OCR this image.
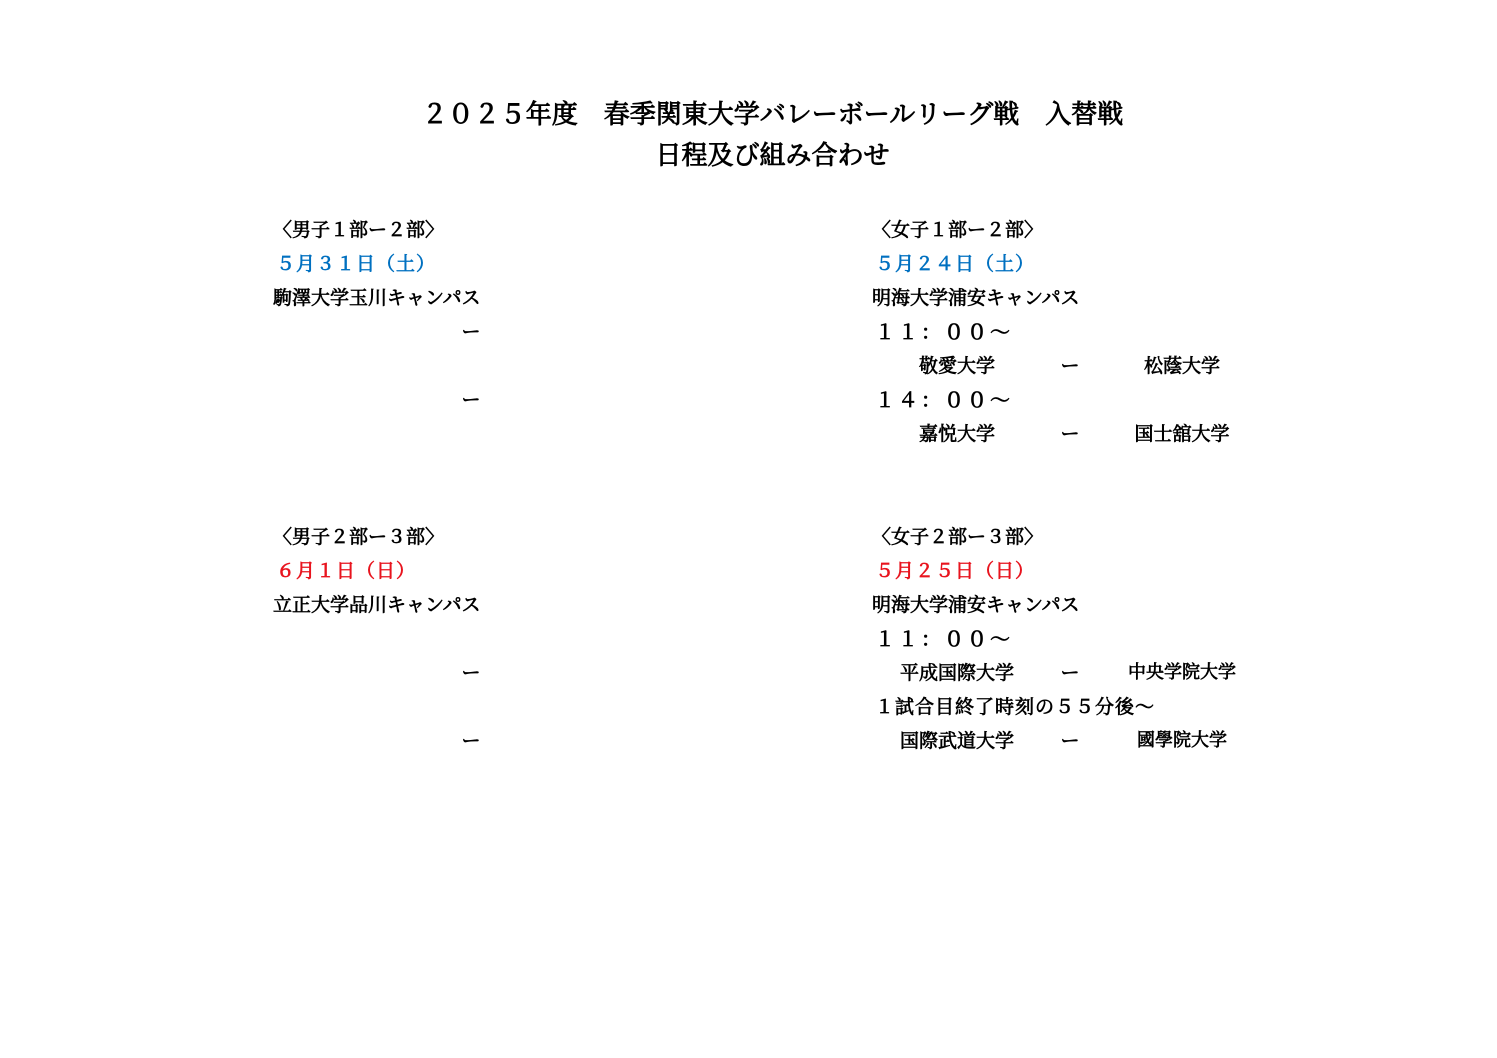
２０２５年度　春季関東大学バレーボールリーグ戦　入替戦
日程及び組み合わせ
〈男子１部ー２部〉
５月３１日（土）
駒澤大学玉川キャンパス
ー
ー
〈女子１部ー２部〉
５月２４日（土）
明海大学浦安キャンパス
１１：００～
敬愛大学	ー	松蔭大学
１４：００～
嘉悦大学	ー	国士舘大学
〈男子２部ー３部〉
６月１日（日）
立正大学品川キャンパス
ー
ー
〈女子２部ー３部〉
５月２５日（日）
明海大学浦安キャンパス
１１：００～
平成国際大学	ー	中央学院大学
１試合目終了時刻の５５分後～
国際武道大学	ー	國學院大学
